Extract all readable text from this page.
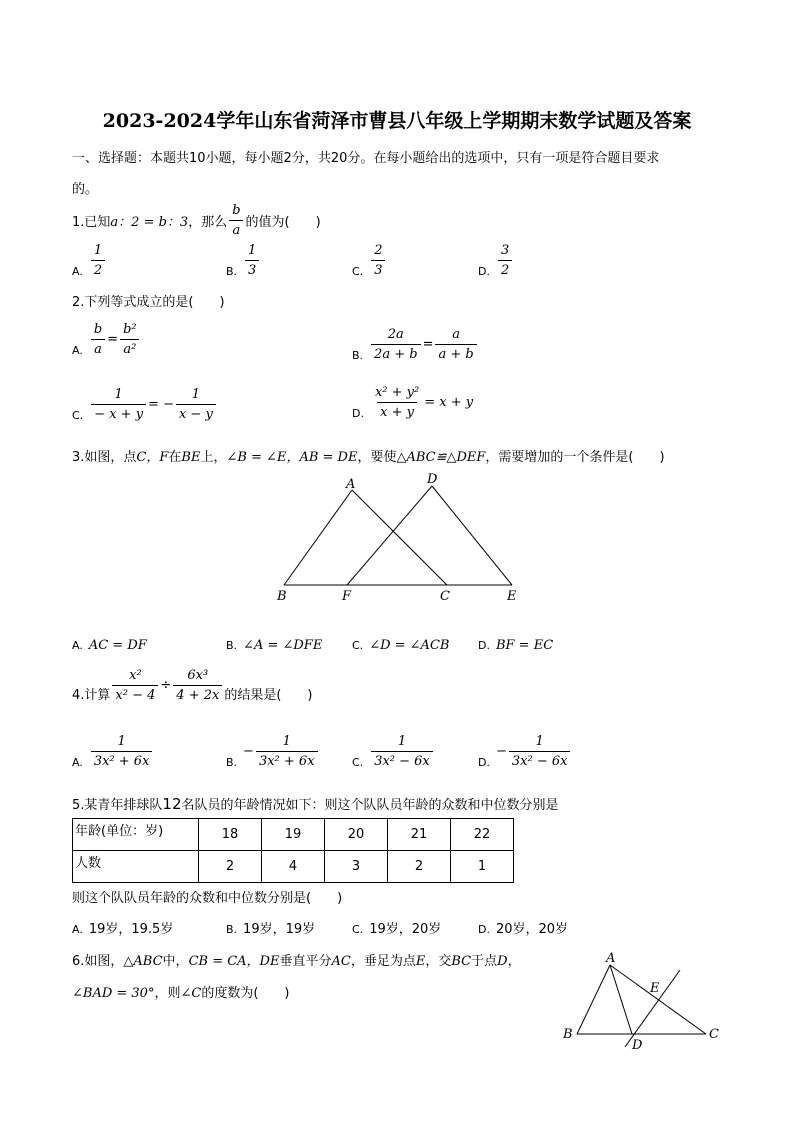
2023-2024学年山东省菏泽市曹县八年级上学期期末数学试题及答案
一、选择题：本题共10小题，每小题2分，共20分。在每小题给出的选项中，只有一项是符合题目要求
的。
1.已知a：2 = b：3，那么 $\frac{b}{a}$ 的值为(　　)
A. $\frac{1}{2}$	B. $\frac{1}{3}$	C. $\frac{2}{3}$	D. $\frac{3}{2}$
2.下列等式成立的是(　　)
A. $\frac{b}{a} = \frac{\text{b²}}{\text{a²}}$	B. $\frac{2a}{2a + b} = \frac{a}{a + b}$
C. $\frac{1}{- x + y}$ = − $\frac{1}{x - y}$	D. $\frac{\text{x² + y²}}{x + y} = x + y$
3.如图，点C，F在BE上，∠B = ∠E，AB = DE，要使△ABC≌△DEF，需要增加的一个条件是(　　)
A	D
B	F	C	E
A. AC = DF	B. ∠A = ∠DFE	C. ∠D = ∠ACB	D. BF = EC
4.计算 $\frac{\text{x²}}{\text{x² − 4}} \div \frac{\text{6x³}}{4 + 2x}$ 的结果是(　　)
A. $\frac{1}{\text{3x² + 6x}}$	$B.- \frac{1}{\text{3x² + 6x}}$	C. $\frac{1}{\text{3x² − 6x}}$	$D.- \frac{1}{\text{3x² − 6x}}$
5.某青年排球队12名队员的年龄情况如下：则这个队队员年龄的众数和中位数分别是
年龄(单位：岁)	18	19	20	21	22
人数	2	4	3	2	1
则这个队队员年龄的众数和中位数分别是(　　)
A. 19岁，19.5岁	B. 19岁，19岁	C. 19岁，20岁	D. 20岁，20岁
6.如图，△ABC中，CB = CA，DE垂直平分AC，垂足为点E，交BC于点D，
∠BAD = 30°，则∠C的度数为(　　)
A
B	C
D
E
